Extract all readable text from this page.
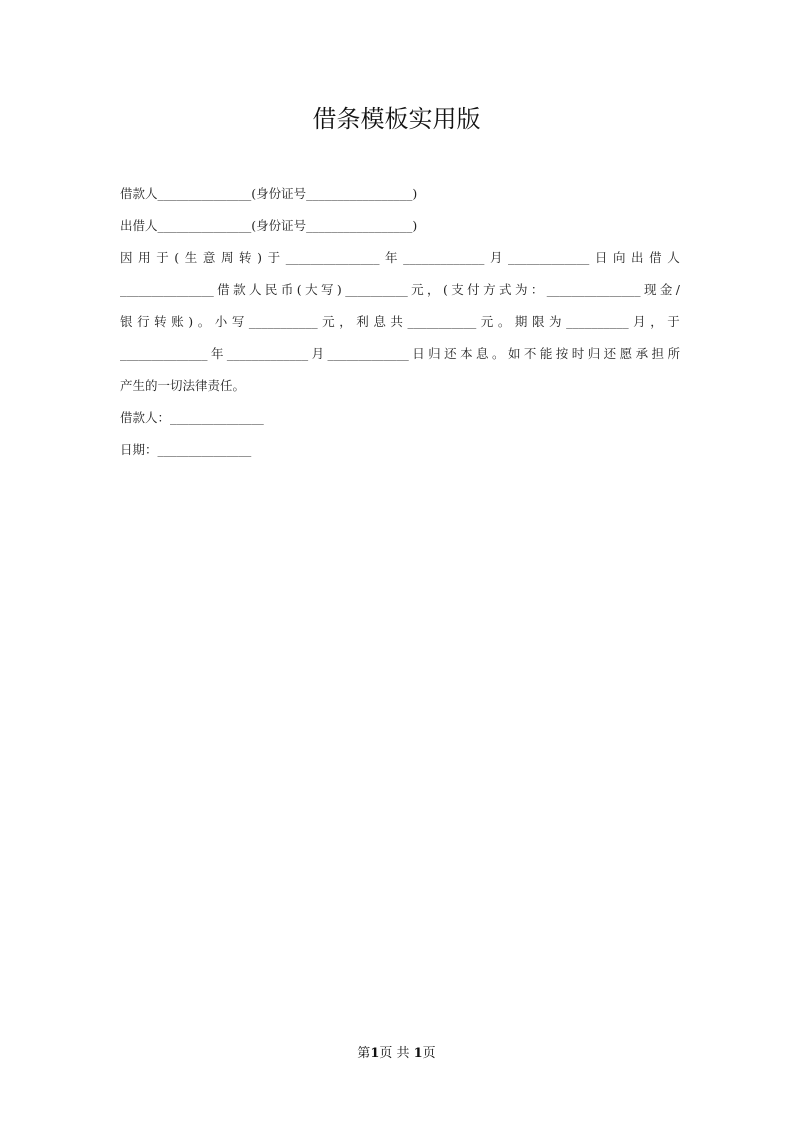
借条模板实用版
借款人_______________(身份证号_________________)
出借人_______________(身份证号_________________)
因 用 于 ( 生 意 周 转 ) 于 _______________ 年 _____________ 月 _____________ 日 向 出 借 人
_______________ 借 款 人 民 币 ( 大 写 ) __________ 元 ， ( 支 付 方 式 为 ： _______________ 现 金 /
银 行 转 账 ) 。 小 写 ___________ 元 ， 利 息 共 ___________ 元 。 期 限 为 __________ 月 ， 于
______________ 年 _____________ 月 _____________ 日 归 还 本 息 。 如 不 能 按 时 归 还 愿 承 担 所
产生的一切法律责任。
借款人：_______________
日期：_______________
第1页 共 1页
